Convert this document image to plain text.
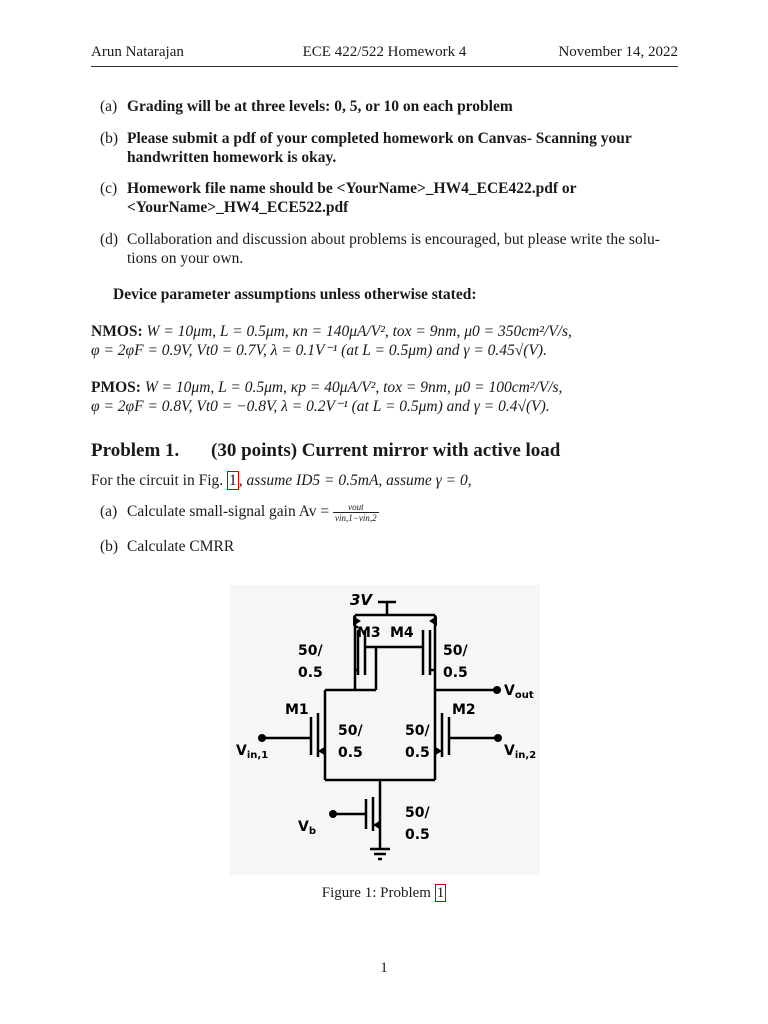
Arun Natarajan	ECE 422/522 Homework 4	November 14, 2022
(a) Grading will be at three levels: 0, 5, or 10 on each problem
(b) Please submit a pdf of your completed homework on Canvas- Scanning your
handwritten homework is okay.
(c) Homework file name should be <YourName>_HW4_ECE422.pdf or
<YourName>_HW4_ECE522.pdf
(d) Collaboration and discussion about problems is encouraged, but please write the solu-
tions on your own.
Device parameter assumptions unless otherwise stated:
NMOS: W = 10μm, L = 0.5μm, κn = 140μA/V², tox = 9nm, μ0 = 350cm²/V/s,
φ = 2φF = 0.9V, Vt0 = 0.7V, λ = 0.1V⁻¹ (at L = 0.5μm) and γ = 0.45√(V).
PMOS: W = 10μm, L = 0.5μm, κp = 40μA/V², tox = 9nm, μ0 = 100cm²/V/s,
φ = 2φF = 0.8V, Vt0 = −0.8V, λ = 0.2V⁻¹ (at L = 0.5μm) and γ = 0.4√(V).
Problem 1. (30 points) Current mirror with active load
For the circuit in Fig. 1 , assume ID5 = 0.5mA, assume γ = 0,
(a) Calculate small-signal gain $Av = \frac{\text{vout}}{\text{vin,1−vin,2}}$
(b) Calculate CMRR
3V
M3 M4
50/
0.5
50/
0.5
$V_{out}$
M1	M2
50/
0.5
50/
0.5
$V_{in,1}$	$V_{in,2}$
50/
0.5
$V_b$
Figure 1: Problem 1
1
